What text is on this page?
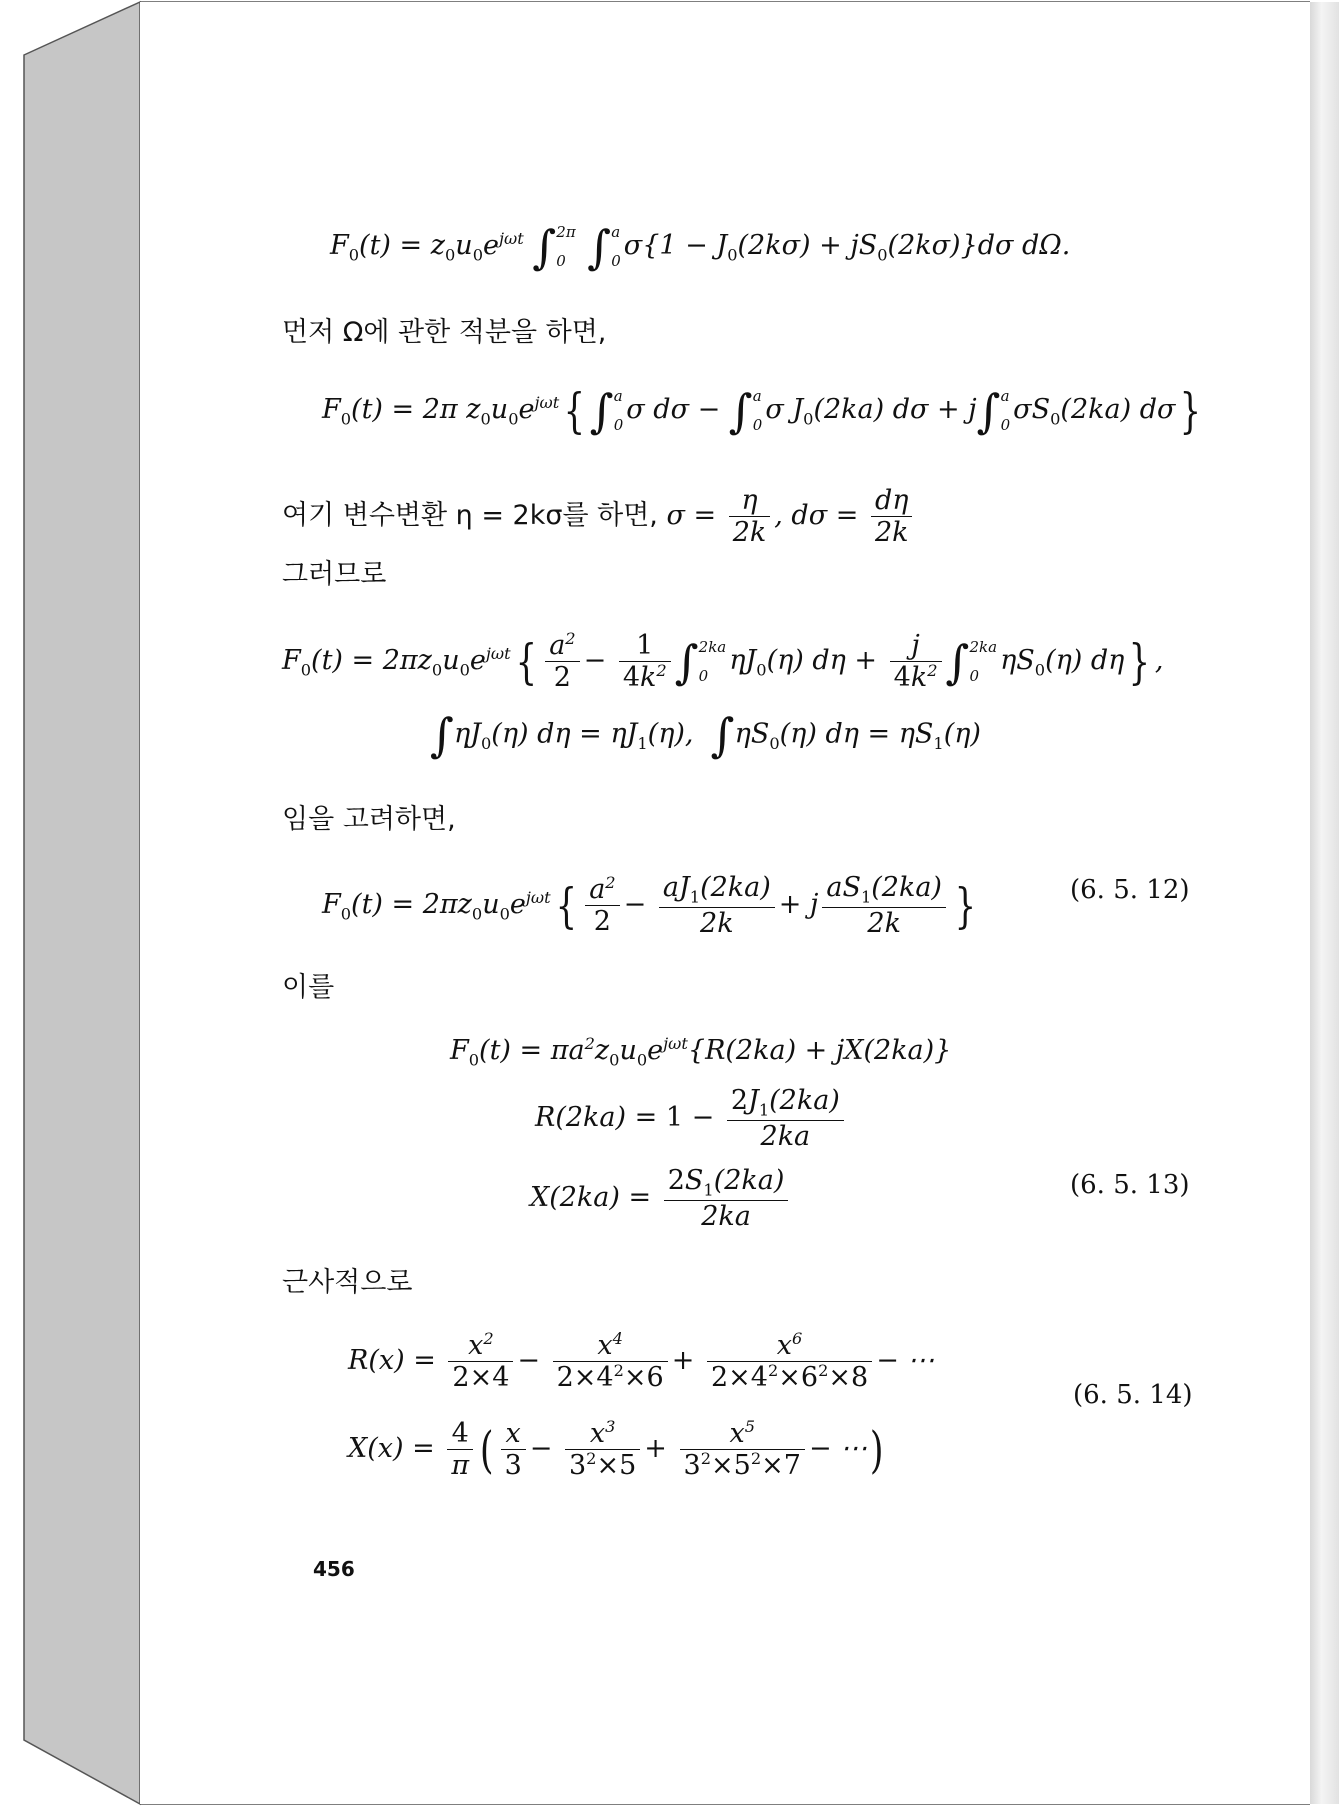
$F_0(t) = z_0u_0e^{j\omega t}$ ∫ 2π
0 ∫ a
0 $\sigma\{1 - J_0(2k\sigma) + jS_0(2k\sigma)\}d\sigma$ dΩ.
먼저 Ω에 관한 적분을 하면,
$F_0(t) = 2\pi$ $z_0u_0e^{j\omega t}\{\int$ a
0 σ dσ − ∫ a
0 σ $J_0(2ka) d\sigma + j\int$ a
0 $\sigma S_0(2ka)$ dσ}
여기 변수변환 η = 2kσ를 하면, $\sigma = \frac{\eta}{2k}$ , $d\sigma = \frac{d\eta}{2k}$
그러므로
$F_0(t) = 2\pi z_0u_0e^{j\omega t}\{ \frac{a^2}{2} - \frac{1}{4k^2}$ ∫ 2ka
0 $\eta J_0(\eta) d\eta + \frac{j}{4k^2}$ ∫ 2ka
0 $\eta S_0(\eta)$ dη} ,
$\int\eta J_0(\eta) d\eta = \eta J_1(\eta)$,  $\int\eta S_0(\eta) d\eta = \eta S_1(\eta)$
임을 고려하면,
$F_0(t) = 2\pi z_0u_0e^{j\omega t}\{ \frac{a^2}{2} - \frac{aJ_1(2ka)}{2k} + j \frac{aS_1(2ka)}{2k}$ }	(6. 5. 12)
이를
$F_0(t) = \pi a^2z_0u_0e^{j\omega t}\{R(2ka) + jX(2ka)\}$
$R(2ka) = 1 - \frac{2J_1(2ka)}{2ka}$
$X(2ka) = \frac{2S_1(2ka)}{2ka}$	(6. 5. 13)
근사적으로
$R(x) = \frac{x^2}{2\times 4} - \frac{x^4}{2\times 4^2\times 6} + \frac{x^6}{2\times 4^2\times 6^2\times 8}$ − ⋯
$X(x) = \frac{4}{\pi}$ ( $\frac{x}{3} - \frac{x^3}{3^2\times 5} + \frac{x^5}{3^2\times 5^2\times 7}$ − ⋯)
(6. 5. 14)
456
